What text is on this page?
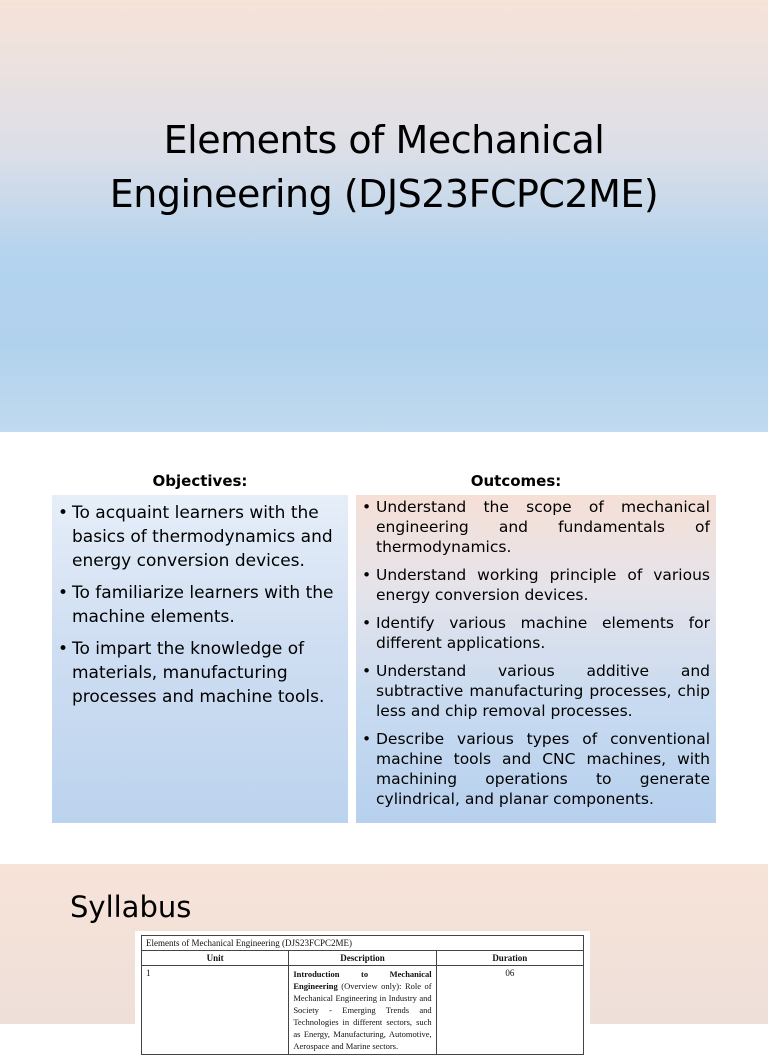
Elements of Mechanical
Engineering (DJS23FCPC2ME)
Objectives:	Outcomes:
• To acquaint learners with the basics of thermodynamics and energy conversion devices.
• To familiarize learners with the machine elements.
• To impart the knowledge of materials, manufacturing processes and machine tools.
• Understand the scope of mechanical engineering and fundamentals of thermodynamics.
• Understand working principle of various energy conversion devices.
• Identify various machine elements for different applications.
• Understand various additive and subtractive manufacturing processes, chip less and chip removal processes.
• Describe various types of conventional machine tools and CNC machines, with machining operations to generate cylindrical, and planar components.
Syllabus
Elements of Mechanical Engineering (DJS23FCPC2ME)		
Unit	Description	Duration
1	Introduction to Mechanical Engineering (Overview only): Role of Mechanical Engineering in Industry and Society - Emerging Trends and Technologies in different sectors, such as Energy, Manufacturing, Automotive, Aerospace and Marine sectors.	06
